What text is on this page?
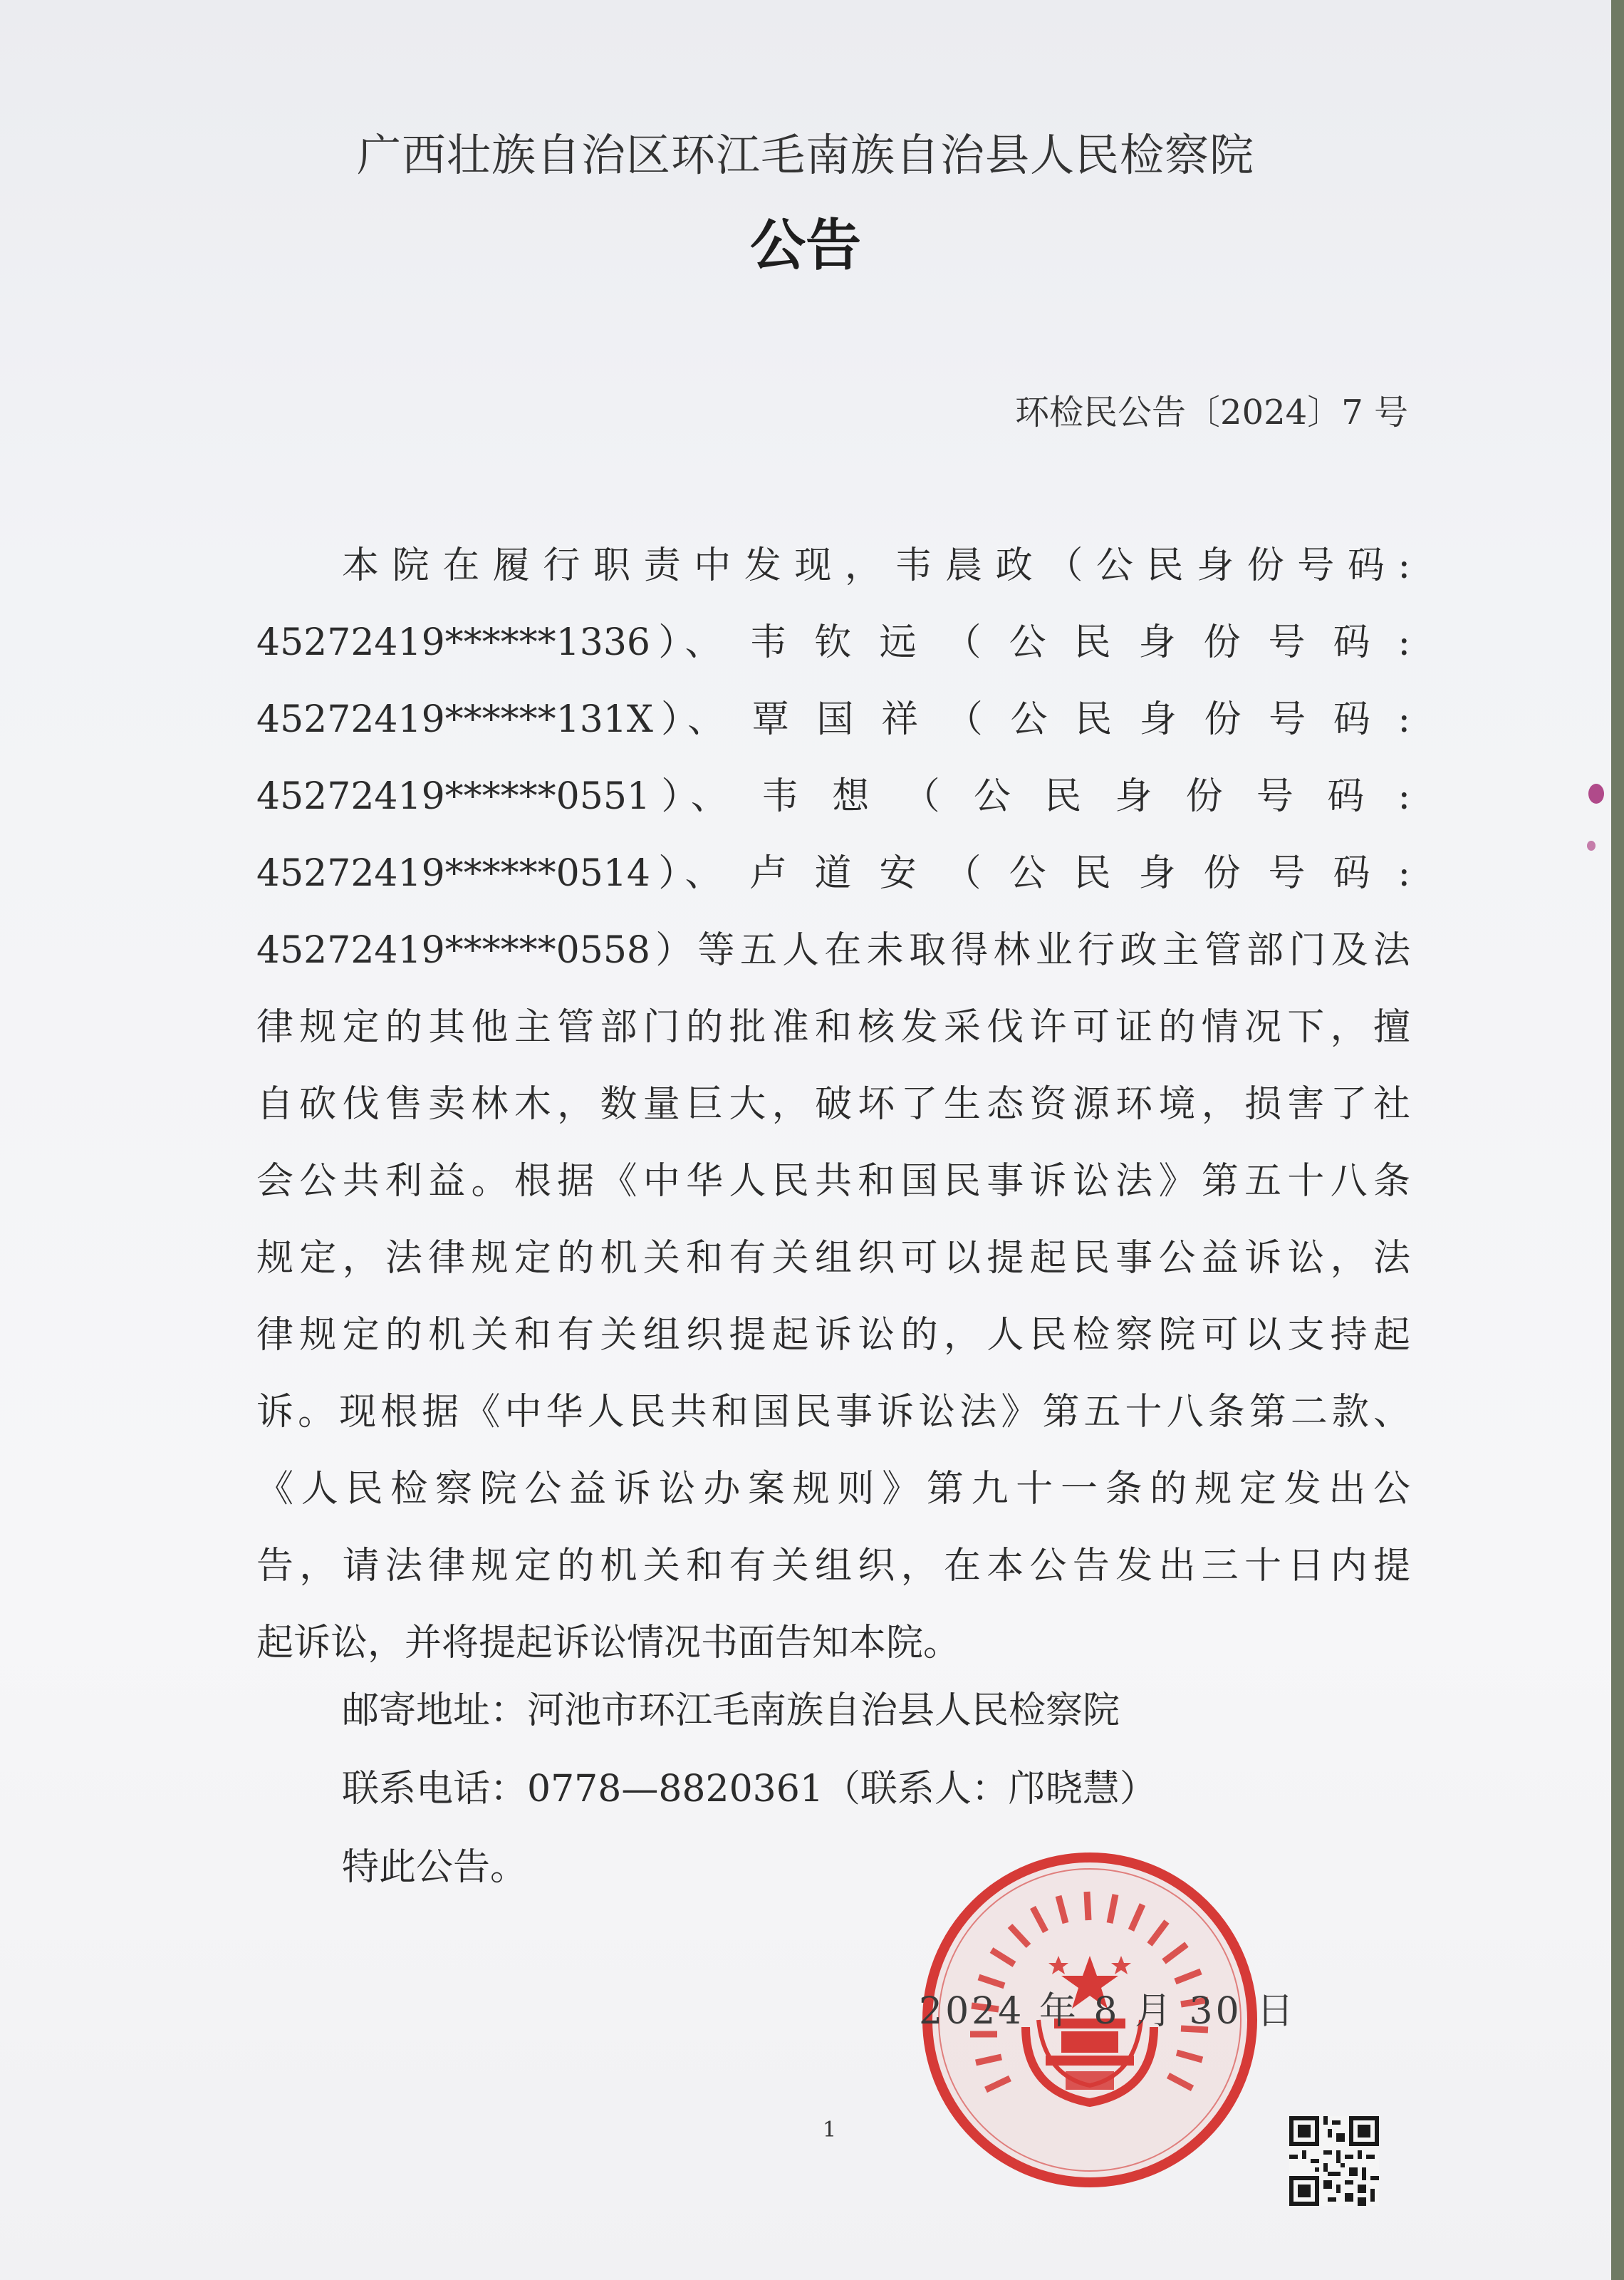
广西壮族自治区环江毛南族自治县人民检察院
公告
环检民公告〔2024〕7 号
本院在履行职责中发现，韦晨政（公民身份号码:
45272419******1336）、 韦 钦 远 （ 公 民 身 份 号 码 :
45272419******131X）、 覃 国 祥 （ 公 民 身 份 号 码 :
45272419******0551）、 韦 想 （ 公 民 身 份 号 码 :
45272419******0514）、 卢 道 安 （ 公 民 身 份 号 码 :
45272419******0558）等五人在未取得林业行政主管部门及法
律规定的其他主管部门的批准和核发采伐许可证的情况下，擅
自砍伐售卖林木，数量巨大，破坏了生态资源环境，损害了社
会公共利益。根据《中华人民共和国民事诉讼法》第五十八条
规定，法律规定的机关和有关组织可以提起民事公益诉讼，法
律规定的机关和有关组织提起诉讼的，人民检察院可以支持起
诉。现根据《中华人民共和国民事诉讼法》第五十八条第二款、
《人民检察院公益诉讼办案规则》第九十一条的规定发出公
告，请法律规定的机关和有关组织，在本公告发出三十日内提
起诉讼，并将提起诉讼情况书面告知本院。
邮寄地址：河池市环江毛南族自治县人民检察院
联系电话：0778—8820361（联系人：邝晓慧）
特此公告。
2024 年 8 月 30 日
1
